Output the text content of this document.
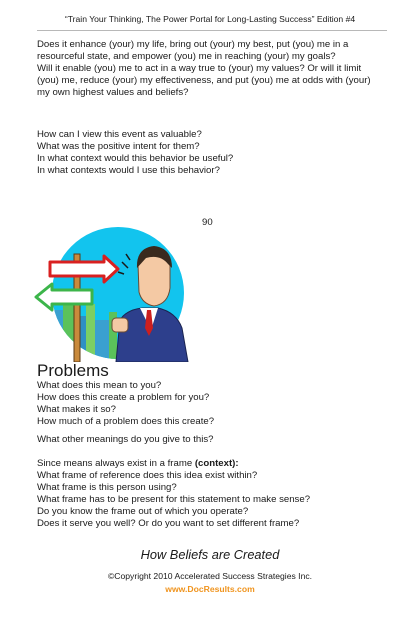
“Train Your Thinking, The Power Portal for Long-Lasting Success” Edition #4
Does it enhance (your) my life, bring out (your) my best, put (you) me in a
resourceful state, and empower (you) me in reaching (your) my goals?
Will it enable (you) me to act in a way true to (your) my values? Or will it limit
(you) me, reduce (your) my effectiveness, and put (you) me at odds with (your)
my own highest values and beliefs?
How can I view this event as valuable?
What was the positive intent for them?
In what context would this behavior be useful?
In what contexts would I use this behavior?
90
Problems
What does this mean to you?
How does this create a problem for you?
What makes it so?
How much of a problem does this create?
What other meanings do you give to this?
Since means always exist in a frame (context):
What frame of reference does this idea exist within?
What frame is this person using?
What frame has to be present for this statement to make sense?
Do you know the frame out of which you operate?
Does it serve you well? Or do you want to set different frame?
How Beliefs are Created
©Copyright 2010 Accelerated Success Strategies Inc.
www.DocResults.com
